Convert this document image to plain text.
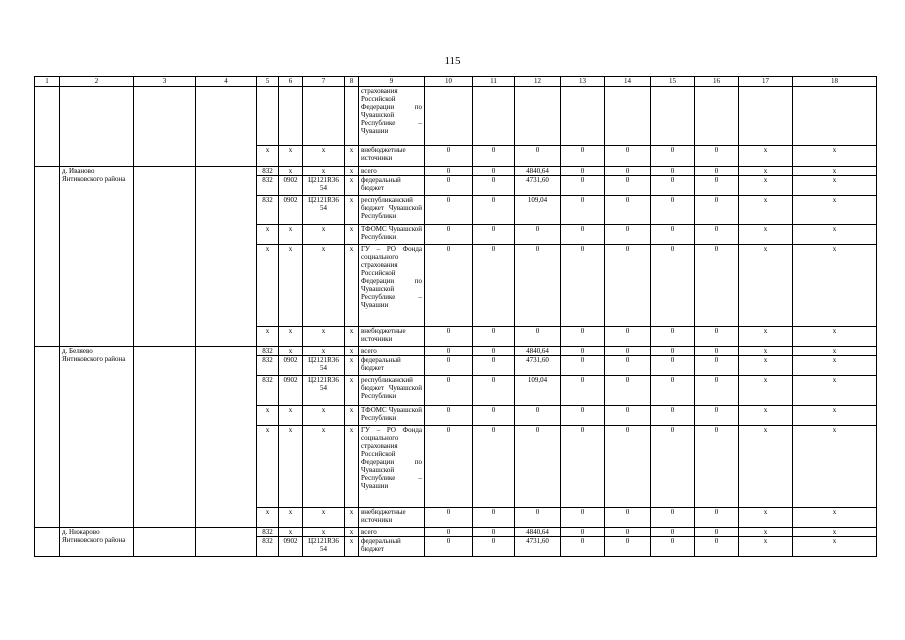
115
1	2	3	4	5	6	7	8	9	10	11	12	13	14	15	16	17	18
								страхования Российской Федерации по Чувашской Республике – Чувашии									
				x	x	x	x	внебюджетные источники	0	0	0	0	0	0	0	x	x
	д. Иваново Янтиковского района			832	x	x	x	всего	0	0	4840,64	0	0	0	0	x	x
				832	0902	Ц2121R36 54	x	федеральный бюджет	0	0	4731,60	0	0	0	0	x	x
				832	0902	Ц2121R36 54	x	республиканский бюджет Чувашской Республики	0	0	109,04	0	0	0	0	x	x
				x	x	x	x	ТФОМС Чувашской Республики	0	0	0	0	0	0	0	x	x
				x	x	x	x	ГУ – РО Фонда социального страхования Российской Федерации по Чувашской Республике – Чувашии	0	0	0	0	0	0	0	x	x
				x	x	x	x	внебюджетные источники	0	0	0	0	0	0	0	x	x
	д. Беляево Янтиковского района			832	x	x	x	всего	0	0	4840,64	0	0	0	0	x	x
				832	0902	Ц2121R36 54	x	федеральный бюджет	0	0	4731,60	0	0	0	0	x	x
				832	0902	Ц2121R36 54	x	республиканский бюджет Чувашской Республики	0	0	109,04	0	0	0	0	x	x
				x	x	x	x	ТФОМС Чувашской Республики	0	0	0	0	0	0	0	x	x
				x	x	x	x	ГУ – РО Фонда социального страхования Российской Федерации по Чувашской Республике – Чувашии	0	0	0	0	0	0	0	x	x
				x	x	x	x	внебюджетные источники	0	0	0	0	0	0	0	x	x
	д. Нижарово Янтиковского района			832	x	x	x	всего	0	0	4840,64	0	0	0	0	x	x
				832	0902	Ц2121R36 54	x	федеральный бюджет	0	0	4731,60	0	0	0	0	x	x
